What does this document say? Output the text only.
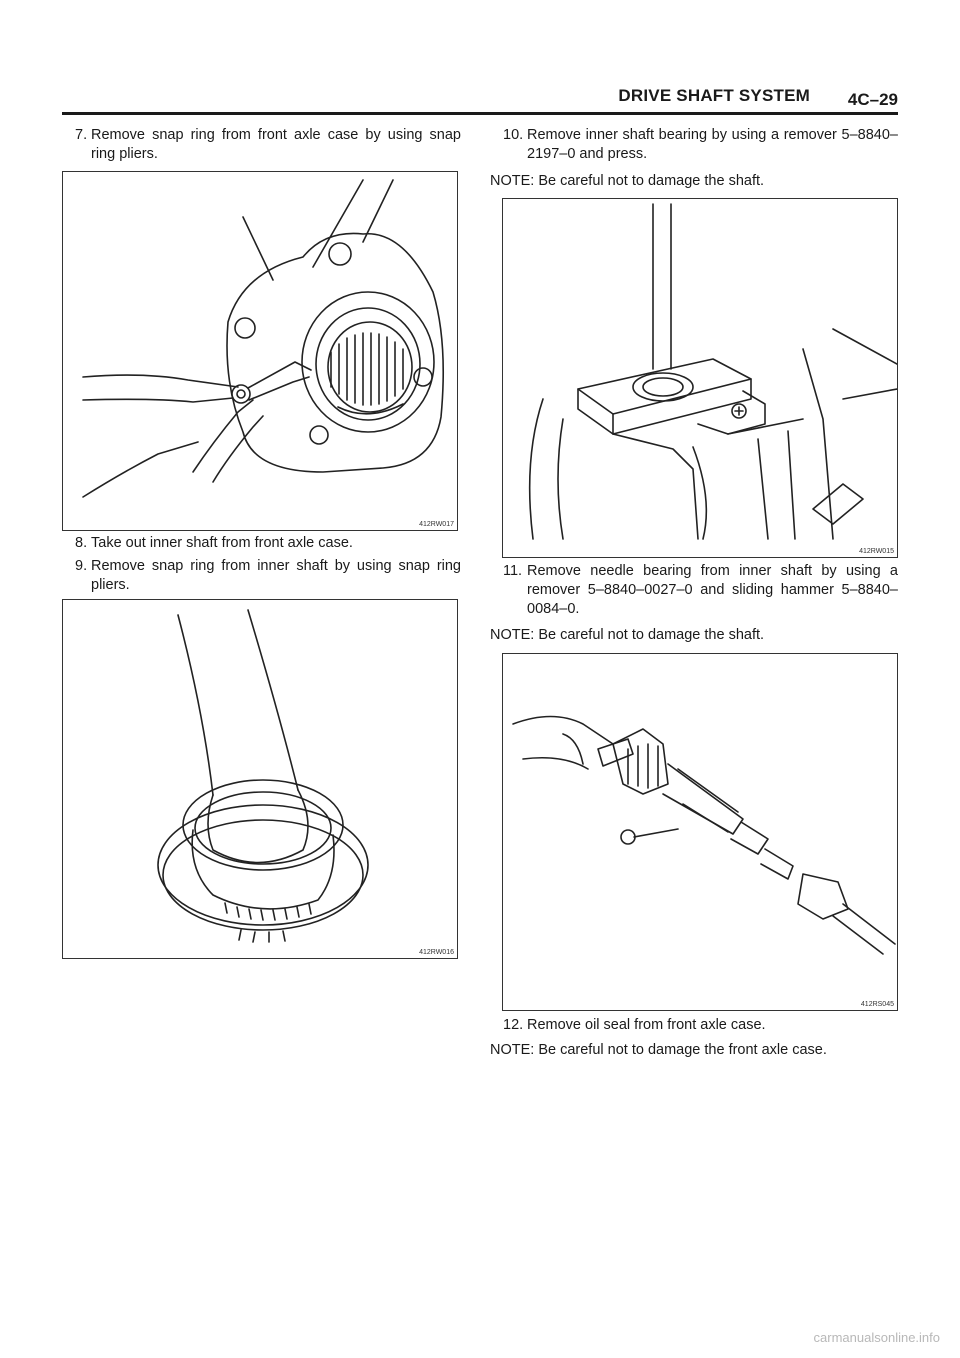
DRIVE SHAFT SYSTEM	4C–29
7. Remove snap ring from front axle case by using snap ring pliers.
412RW017
8. Take out inner shaft from front axle case.
9. Remove snap ring from inner shaft by using snap ring pliers.
412RW016
10. Remove inner shaft bearing by using a remover 5–8840–2197–0 and press.
NOTE: Be careful not to damage the shaft.
412RW015
11. Remove needle bearing from inner shaft by using a remover 5–8840–0027–0 and sliding hammer 5–8840–0084–0.
NOTE: Be careful not to damage the shaft.
412RS045
12. Remove oil seal from front axle case.
NOTE: Be careful not to damage the front axle case.
carmanualsonline.info
